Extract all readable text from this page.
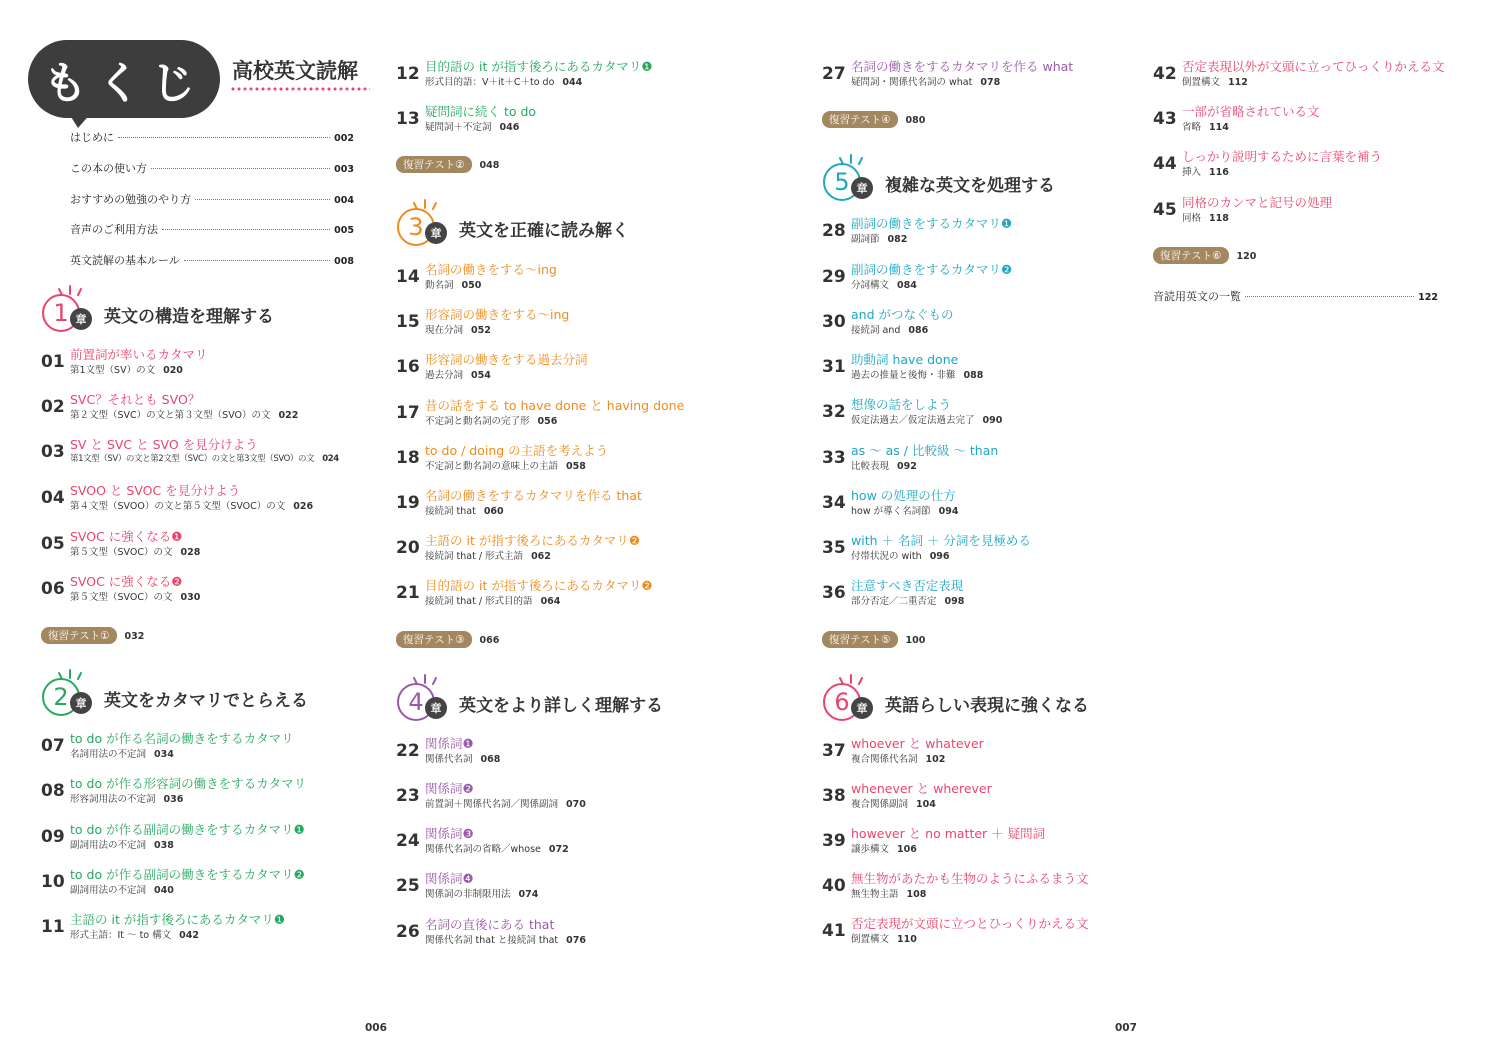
もくじ 高校英文読解
はじめに	002
この本の使い方	003
おすすめの勉強のやり方	004
音声のご利用方法	005
英文読解の基本ルール	008
1 章	英文の構造を理解する
01 前置詞が率いるカタマリ
第1文型（SV）の文 020
02 SVC？それとも SVO？
第２文型（SVC）の文と第３文型（SVO）の文 022
03 SV と SVC と SVO を見分けよう
第1文型（SV）の文と第2文型（SVC）の文と第3文型（SVO）の文 024
04 SVOO と SVOC を見分けよう
第４文型（SVOO）の文と第５文型（SVOC）の文 026
05 SVOC に強くなる❶
第５文型（SVOC）の文 028
06 SVOC に強くなる❷
第５文型（SVOC）の文 030
復習テスト① 032
2 章	英文をカタマリでとらえる
07 to do が作る名詞の働きをするカタマリ
名詞用法の不定詞 034
08 to do が作る形容詞の働きをするカタマリ
形容詞用法の不定詞 036
09 to do が作る副詞の働きをするカタマリ❶
副詞用法の不定詞 038
10 to do が作る副詞の働きをするカタマリ❷
副詞用法の不定詞 040
11 主語の it が指す後ろにあるカタマリ❶
形式主語：It ～ to 構文 042
12 目的語の it が指す後ろにあるカタマリ❶
形式目的語：V＋it＋C＋to do 044
13 疑問詞に続く to do
疑問詞＋不定詞 046
復習テスト② 048
3 章	英文を正確に読み解く
14 名詞の働きをする～ing
動名詞 050
15 形容詞の働きをする～ing
現在分詞 052
16 形容詞の働きをする過去分詞
過去分詞 054
17 昔の話をする to have done と having done
不定詞と動名詞の完了形 056
18 to do / doing の主語を考えよう
不定詞と動名詞の意味上の主語 058
19 名詞の働きをするカタマリを作る that
接続詞 that 060
20 主語の it が指す後ろにあるカタマリ❷
接続詞 that / 形式主語 062
21 目的語の it が指す後ろにあるカタマリ❷
接続詞 that / 形式目的語 064
復習テスト③ 066
4 章	英文をより詳しく理解する
22 関係詞❶
関係代名詞 068
23 関係詞❷
前置詞＋関係代名詞／関係副詞 070
24 関係詞❸
関係代名詞の省略／whose 072
25 関係詞❹
関係詞の非制限用法 074
26 名詞の直後にある that
関係代名詞 that と接続詞 that 076
27 名詞の働きをするカタマリを作る what
疑問詞・関係代名詞の what 078
復習テスト④ 080
5 章	複雑な英文を処理する
28 副詞の働きをするカタマリ❶
副詞節 082
29 副詞の働きをするカタマリ❷
分詞構文 084
30 and がつなぐもの
接続詞 and 086
31 助動詞 have done
過去の推量と後悔・非難 088
32 想像の話をしよう
仮定法過去／仮定法過去完了 090
33 as ～ as / 比較級 ～ than
比較表現 092
34 how の処理の仕方
how が導く名詞節 094
35 with ＋ 名詞 ＋ 分詞を見極める
付帯状況の with 096
36 注意すべき否定表現
部分否定／二重否定 098
復習テスト⑤ 100
6 章	英語らしい表現に強くなる
37 whoever と whatever
複合関係代名詞 102
38 whenever と wherever
複合関係副詞 104
39 however と no matter ＋ 疑問詞
譲歩構文 106
40 無生物があたかも生物のようにふるまう文
無生物主語 108
41 否定表現が文頭に立つとひっくりかえる文
倒置構文 110
42 否定表現以外が文頭に立ってひっくりかえる文
倒置構文 112
43 一部が省略されている文
省略 114
44 しっかり説明するために言葉を補う
挿入 116
45 同格のカンマと記号の処理
同格 118
復習テスト⑥ 120
音読用英文の一覧	122
006	007
